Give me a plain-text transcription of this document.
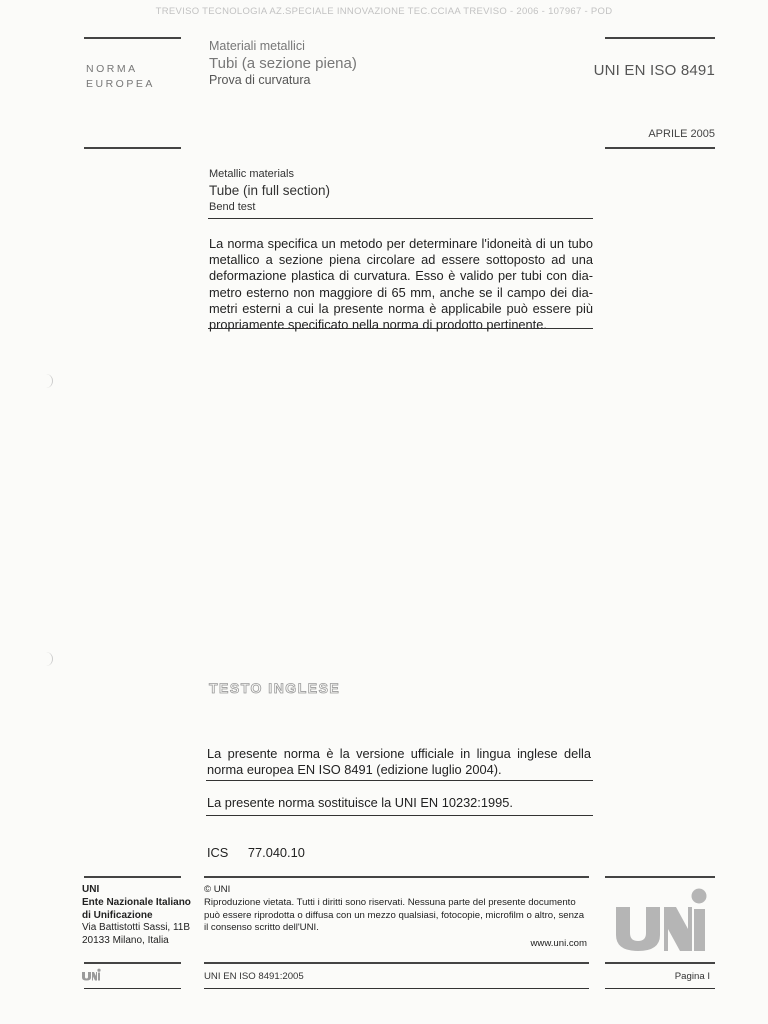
TREVISO TECNOLOGIA AZ.SPECIALE INNOVAZIONE TEC.CCIAA TREVISO - 2006 - 107967 - POD
NORMA
EUROPEA
Materiali metallici
Tubi (a sezione piena)
Prova di curvatura
UNI EN ISO 8491
APRILE 2005
Metallic materials
Tube (in full section)
Bend test
La norma specifica un metodo per determinare l'idoneità di un tubo
metallico a sezione piena circolare ad essere sottoposto ad una
deformazione plastica di curvatura. Esso è valido per tubi con dia-
metro esterno non maggiore di 65 mm, anche se il campo dei dia-
metri esterni a cui la presente norma è applicabile può essere più
propriamente specificato nella norma di prodotto pertinente.
TESTO INGLESE
La presente norma è la versione ufficiale in lingua inglese della
norma europea EN ISO 8491 (edizione luglio 2004).
La presente norma sostituisce la UNI EN 10232:1995.
ICS 77.040.10
UNI
Ente Nazionale Italiano
di Unificazione
Via Battistotti Sassi, 11B
20133 Milano, Italia
© UNI
Riproduzione vietata. Tutti i diritti sono riservati. Nessuna parte del presente documento
può essere riprodotta o diffusa con un mezzo qualsiasi, fotocopie, microfilm o altro, senza
il consenso scritto dell'UNI.
www.uni.com
UNI EN ISO 8491:2005	Pagina I
